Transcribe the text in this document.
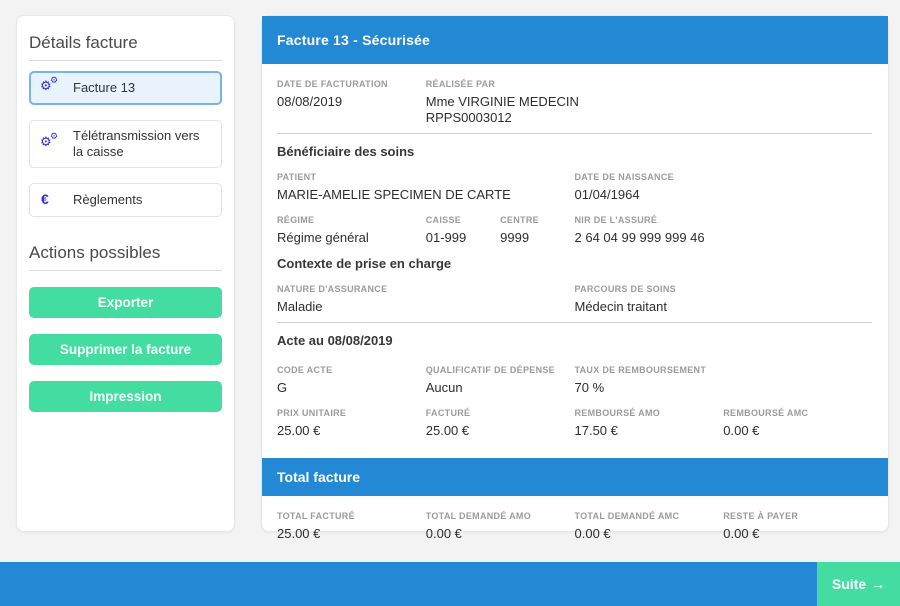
Détails facture
⚙
⚙ Facture 13
⚙
⚙ Télétransmission vers la caisse
€ Règlements
Actions possibles
Exporter
Supprimer la facture
Impression
Facture 13 - Sécurisée
DATE DE FACTURATION
08/08/2019
RÉALISÉE PAR
Mme VIRGINIE MEDECIN
RPPS0003012
Bénéficiaire des soins
PATIENT
MARIE-AMELIE SPECIMEN DE CARTE
DATE DE NAISSANCE
01/04/1964
RÉGIME
Régime général
CAISSE
01-999
CENTRE
9999
NIR DE L'ASSURÉ
2 64 04 99 999 999 46
Contexte de prise en charge
NATURE D'ASSURANCE
Maladie
PARCOURS DE SOINS
Médecin traitant
Acte au 08/08/2019
CODE ACTE
G
QUALIFICATIF DE DÉPENSE
Aucun
TAUX DE REMBOURSEMENT
70 %
PRIX UNITAIRE
25.00 €
FACTURÉ
25.00 €
REMBOURSÉ AMO
17.50 €
REMBOURSÉ AMC
0.00 €
Total facture
TOTAL FACTURÉ
25.00 €
TOTAL DEMANDÉ AMO
0.00 €
TOTAL DEMANDÉ AMC
0.00 €
RESTE À PAYER
0.00 €
Suite →
